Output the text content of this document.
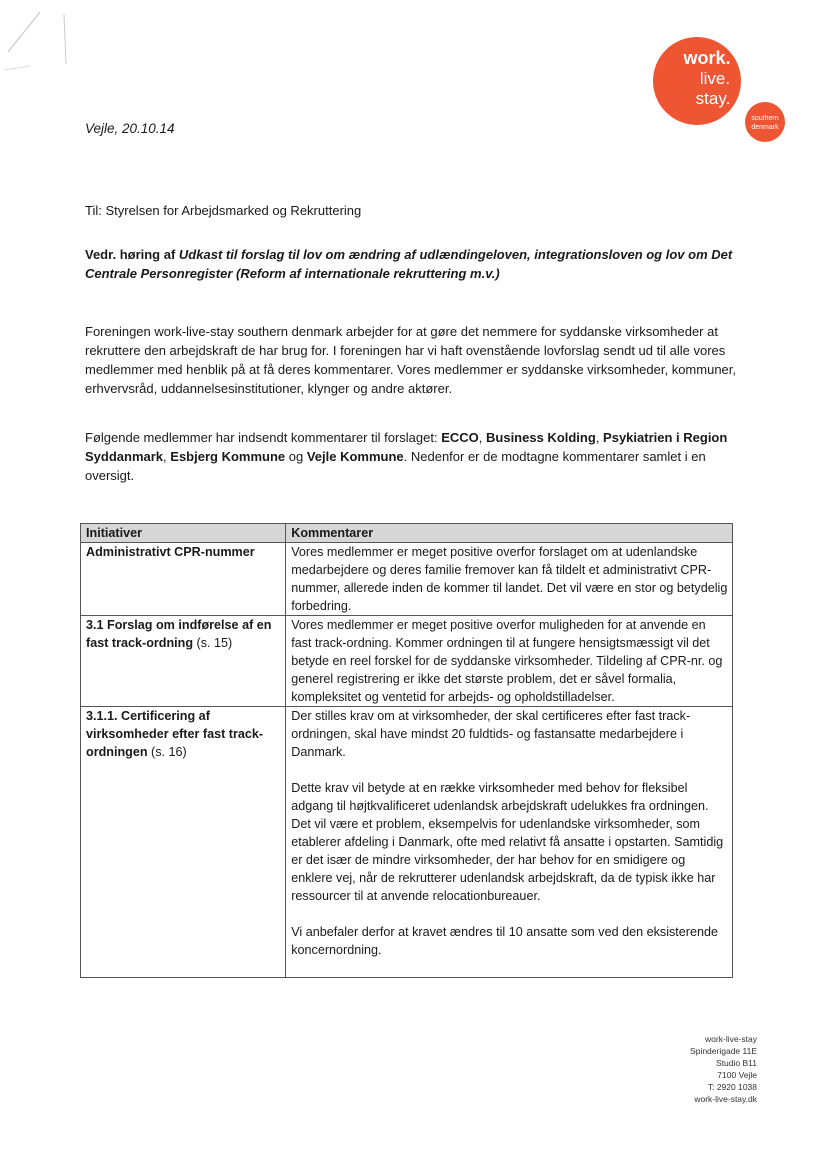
Vejle, 20.10.14
work.
live.
stay.
southern
denmark
Til: Styrelsen for Arbejdsmarked og Rekruttering
Vedr. høring af Udkast til forslag til lov om ændring af udlændingeloven, integrationsloven og lov om Det Centrale Personregister (Reform af internationale rekruttering m.v.)
Foreningen work-live-stay southern denmark arbejder for at gøre det nemmere for syddanske virksomheder at rekruttere den arbejdskraft de har brug for. I foreningen har vi haft ovenstående lovforslag sendt ud til alle vores medlemmer med henblik på at få deres kommentarer. Vores medlemmer er syddanske virksomheder, kommuner, erhvervsråd, uddannelsesinstitutioner, klynger og andre aktører.
Følgende medlemmer har indsendt kommentarer til forslaget: ECCO, Business Kolding, Psykiatrien i Region Syddanmark, Esbjerg Kommune og Vejle Kommune. Nedenfor er de modtagne kommentarer samlet i en oversigt.
Initiativer	Kommentarer
Administrativt CPR-nummer	Vores medlemmer er meget positive overfor forslaget om at udenlandske medarbejdere og deres familie fremover kan få tildelt et administrativt CPR-nummer, allerede inden de kommer til landet. Det vil være en stor og betydelig forbedring.
3.1 Forslag om indførelse af en fast track-ordning (s. 15)	Vores medlemmer er meget positive overfor muligheden for at anvende en fast track-ordning. Kommer ordningen til at fungere hensigtsmæssigt vil det betyde en reel forskel for de syddanske virksomheder. Tildeling af CPR-nr. og generel registrering er ikke det største problem, det er såvel formalia, kompleksitet og ventetid for arbejds- og opholdstilladelser.
3.1.1. Certificering af virksomheder efter fast track-ordningen (s. 16)	Der stilles krav om at virksomheder, der skal certificeres efter fast track-ordningen, skal have mindst 20 fuldtids- og fastansatte medarbejdere i Danmark.
Dette krav vil betyde at en række virksomheder med behov for fleksibel adgang til højtkvalificeret udenlandsk arbejdskraft udelukkes fra ordningen. Det vil være et problem, eksempelvis for udenlandske virksomheder, som etablerer afdeling i Danmark, ofte med relativt få ansatte i opstarten. Samtidig er det især de mindre virksomheder, der har behov for en smidigere og enklere vej, når de rekrutterer udenlandsk arbejdskraft, da de typisk ikke har ressourcer til at anvende relocationbureauer.
Vi anbefaler derfor at kravet ændres til 10 ansatte som ved den eksisterende koncernordning.
work-live-stay
Spinderigade 11E
Studio B11
7100 Vejle
T: 2920 1038
work-live-stay.dk
